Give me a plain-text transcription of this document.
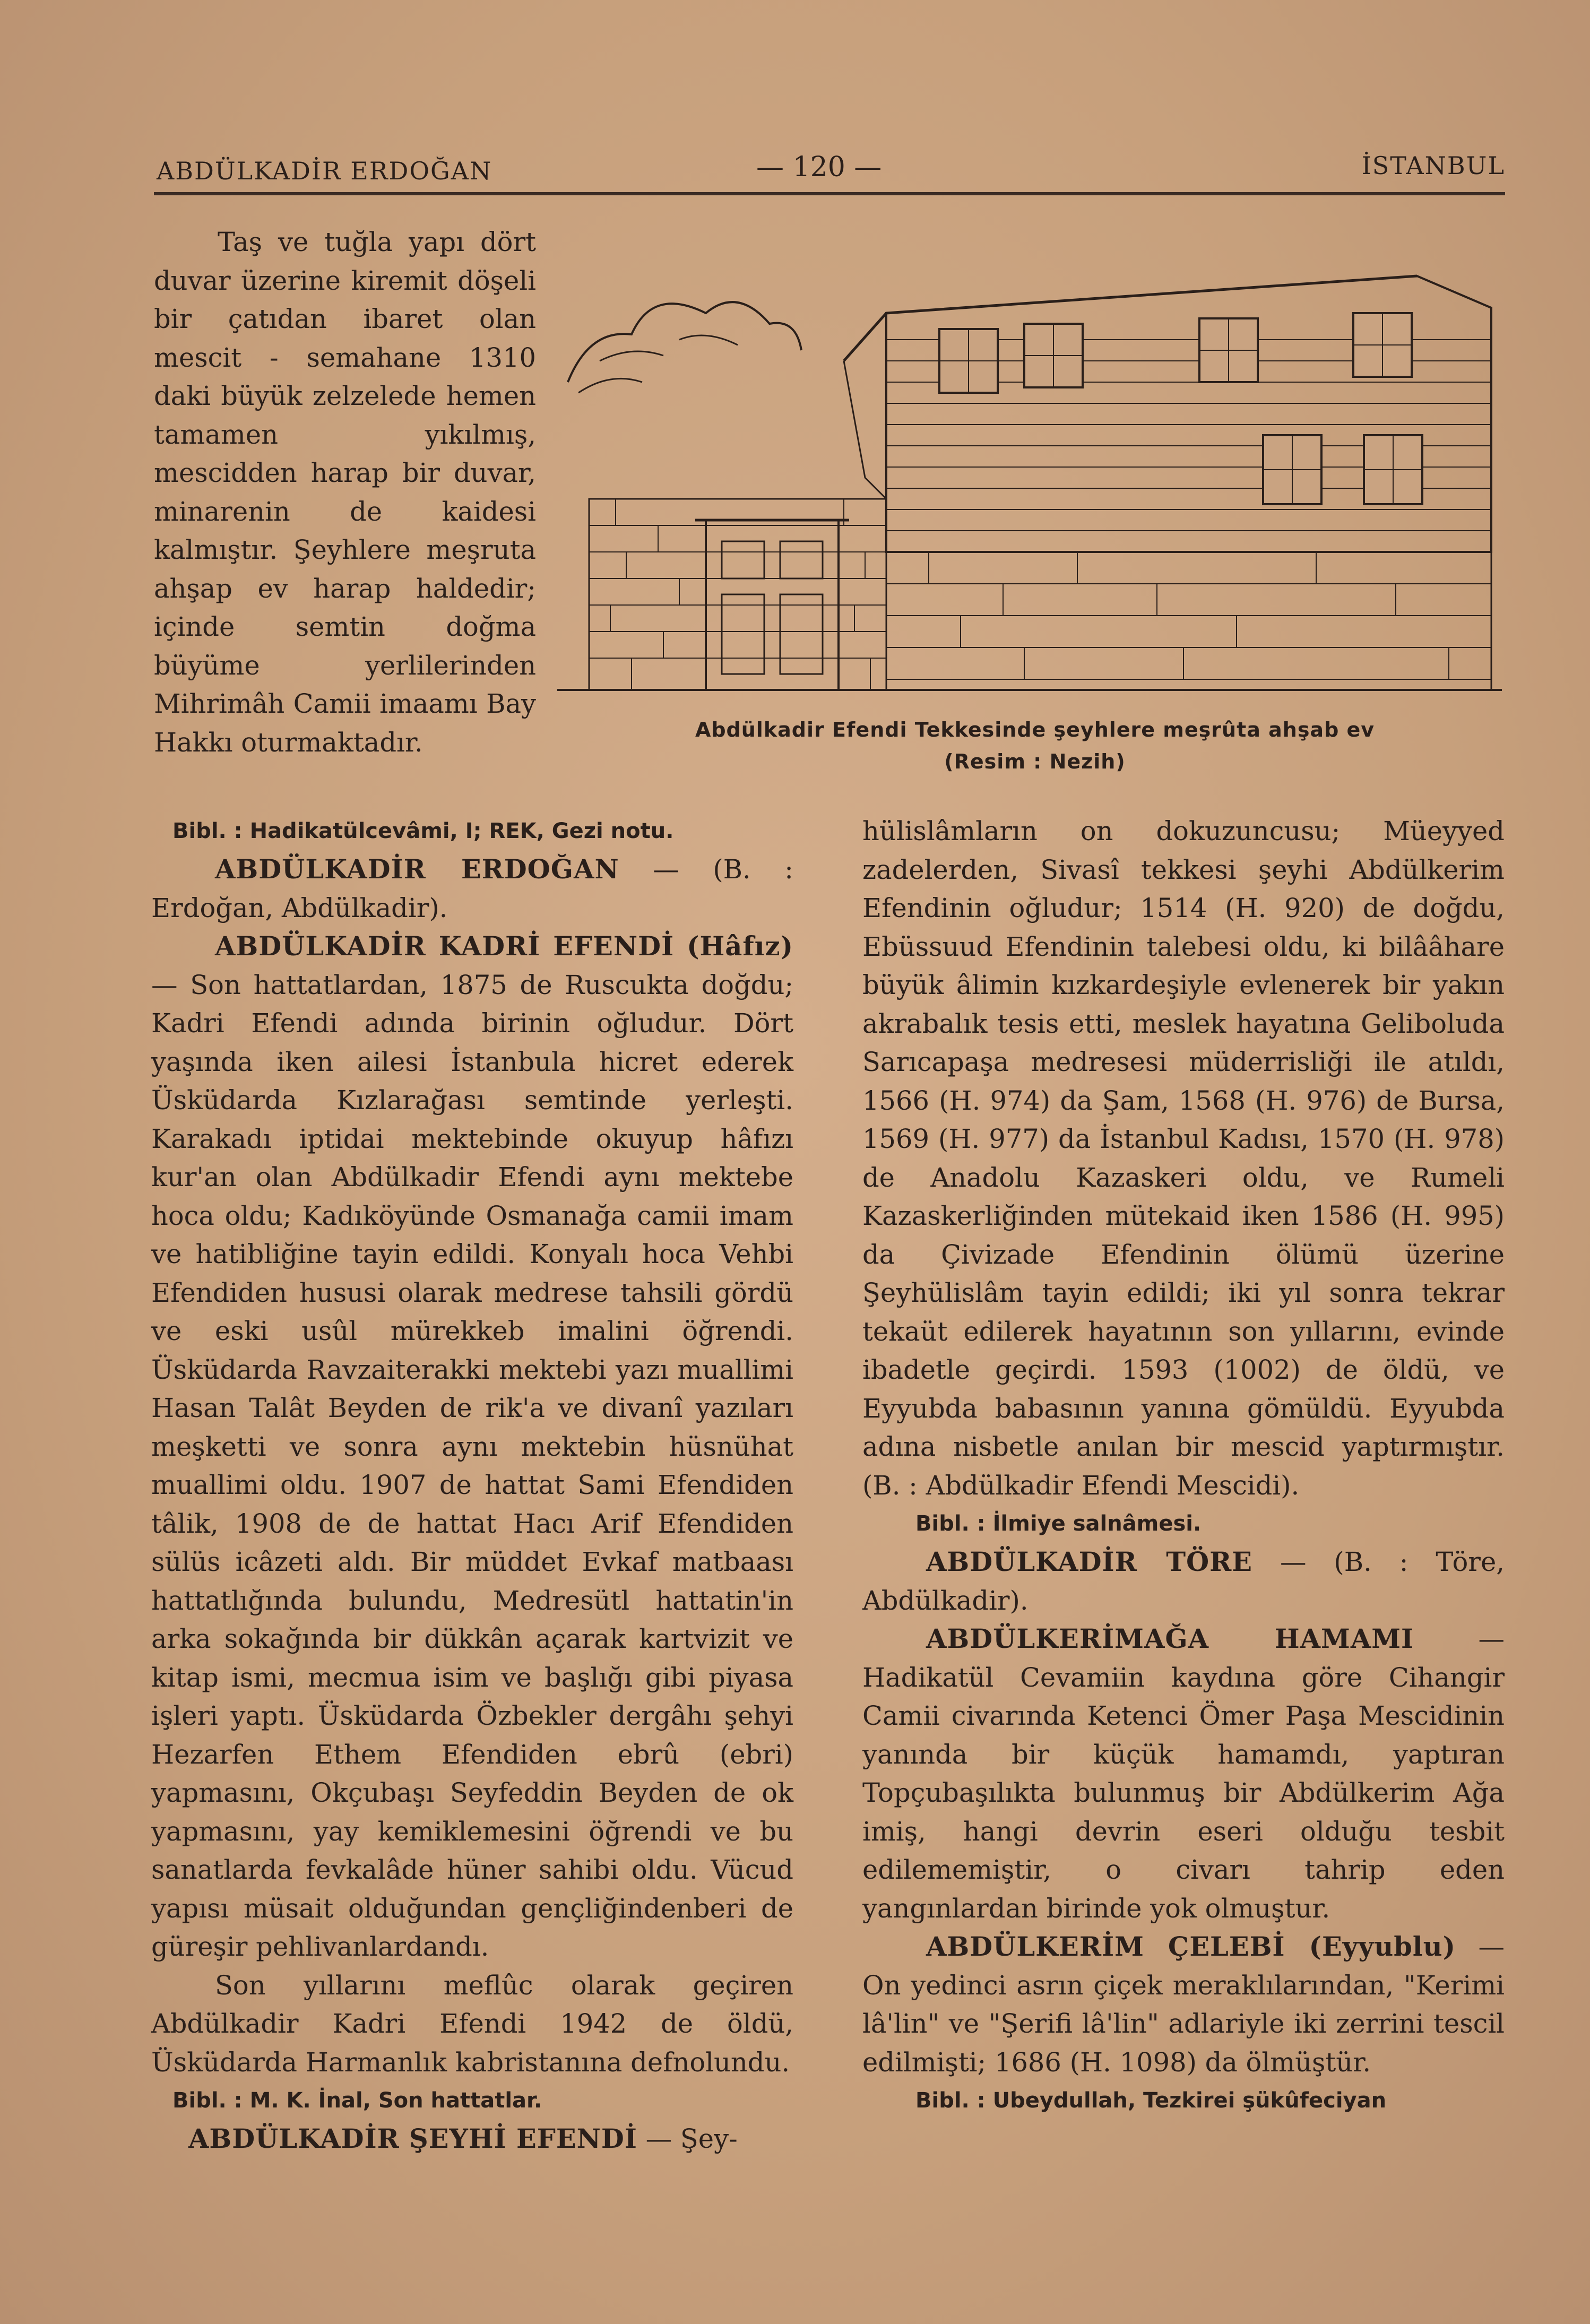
ABDÜLKADİR ERDOĞAN	— 120 —	İSTANBUL
Abdülkadir Efendi Tekkesinde şeyhlere meşrûta ahşab ev
(Resim : Nezih)

Taş ve tuğla yapı dört duvar üzerine kiremit döşeli bir çatıdan ibaret olan mescit - semahane 1310 daki büyük zelzelede hemen tamamen yıkılmış, mescidden harap bir duvar, minarenin de kaidesi kalmıştır. Şeyhlere meşruta ahşap ev harap haldedir; içinde semtin doğma büyüme yerlilerinden Mihrimâh Camii imaamı Bay Hakkı oturmaktadır.

Bibl. : Hadikatülcevâmi, I; REK, Gezi notu.

ABDÜLKADİR ERDOĞAN — (B. : Erdoğan, Abdülkadir).

ABDÜLKADİR KADRİ EFENDİ (Hâfız) — Son hattatlardan, 1875 de Ruscukta doğdu; Kadri Efendi adında birinin oğludur. Dört yaşında iken ailesi İstanbula hicret ederek Üsküdarda Kızlarağası semtinde yerleşti. Karakadı iptidai mektebinde okuyup hâfızı kur'an olan Abdülkadir Efendi aynı mektebe hoca oldu; Kadıköyünde Osmanağa camii imam ve hatibliğine tayin edildi. Konyalı hoca Vehbi Efendiden hususi olarak medrese tahsili gördü ve eski usûl mürekkeb imalini öğrendi. Üsküdarda Ravzaiterakki mektebi yazı muallimi Hasan Talât Beyden de rik'a ve divanî yazıları meşketti ve sonra aynı mektebin hüsnühat muallimi oldu. 1907 de hattat Sami Efendiden tâlik, 1908 de de hattat Hacı Arif Efendiden sülüs icâzeti aldı. Bir müddet Evkaf matbaası hattatlığında bulundu, Medresütl hattatin'in arka sokağında bir dükkân açarak kartvizit ve kitap ismi, mecmua isim ve başlığı gibi piyasa işleri yaptı. Üsküdarda Özbekler dergâhı şehyi Hezarfen Ethem Efendiden ebrû (ebri) yapmasını, Okçubaşı Seyfeddin Beyden de ok yapmasını, yay kemiklemesini öğrendi ve bu sanatlarda fevkalâde hüner sahibi oldu. Vücud yapısı müsait olduğundan gençliğindenberi de güreşir pehlivanlardandı.

Son yıllarını meflûc olarak geçiren Abdülkadir Kadri Efendi 1942 de öldü, Üsküdarda Harmanlık kabristanına defnolundu.

Bibl. : M. K. İnal, Son hattatlar.

ABDÜLKADİR ŞEYHİ EFENDİ — Şey-

hülislâmların on dokuzuncusu; Müeyyed zadelerden, Sivasî tekkesi şeyhi Abdülkerim Efendinin oğludur; 1514 (H. 920) de doğdu, Ebüssuud Efendinin talebesi oldu, ki bilââhare büyük âlimin kızkardeşiyle evlenerek bir yakın akrabalık tesis etti, meslek hayatına Geliboluda Sarıcapaşa medresesi müderrisliği ile atıldı, 1566 (H. 974) da Şam, 1568 (H. 976) de Bursa, 1569 (H. 977) da İstanbul Kadısı, 1570 (H. 978) de Anadolu Kazaskeri oldu, ve Rumeli Kazaskerliğinden mütekaid iken 1586 (H. 995) da Çivizade Efendinin ölümü üzerine Şeyhülislâm tayin edildi; iki yıl sonra tekrar tekaüt edilerek hayatının son yıllarını, evinde ibadetle geçirdi. 1593 (1002) de öldü, ve Eyyubda babasının yanına gömüldü. Eyyubda adına nisbetle anılan bir mescid yaptırmıştır. (B. : Abdülkadir Efendi Mescidi).

Bibl. : İlmiye salnâmesi.

ABDÜLKADİR TÖRE — (B. : Töre, Abdülkadir).

ABDÜLKERİMAĞA HAMAMI — Hadikatül Cevamiin kaydına göre Cihangir Camii civarında Ketenci Ömer Paşa Mescidinin yanında bir küçük hamamdı, yaptıran Topçubaşılıkta bulunmuş bir Abdülkerim Ağa imiş, hangi devrin eseri olduğu tesbit edilememiştir, o civarı tahrip eden yangınlardan birinde yok olmuştur.

ABDÜLKERİM ÇELEBİ (Eyyublu) — On yedinci asrın çiçek meraklılarından, "Kerimi lâ'lin" ve "Şerifi lâ'lin" adlariyle iki zerrini tescil edilmişti; 1686 (H. 1098) da ölmüştür.

Bibl. : Ubeydullah, Tezkirei şükûfeciyan
